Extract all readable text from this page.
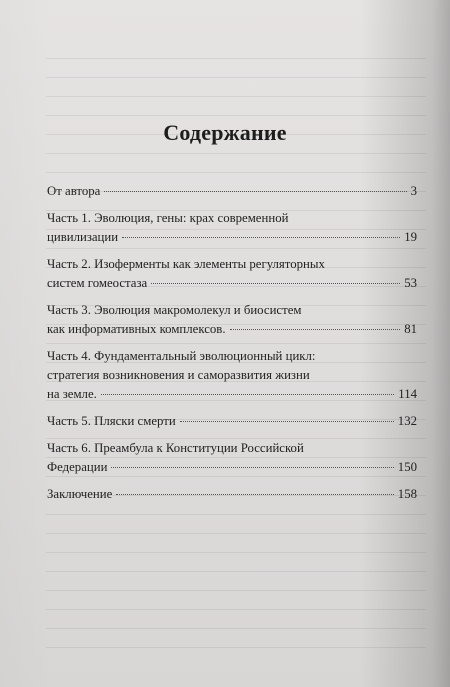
Содержание
От автора	3
Часть 1. Эволюция, гены: крах современной
цивилизации	19
Часть 2. Изоферменты как элементы регуляторных
систем гомеостаза	53
Часть 3. Эволюция макромолекул и биосистем
как информативных комплексов.	81
Часть 4. Фундаментальный эволюционный цикл:
стратегия возникновения и саморазвития жизни
на земле.	114
Часть 5. Пляски смерти	132
Часть 6. Преамбула к Конституции Российской
Федерации	150
Заключение	158
